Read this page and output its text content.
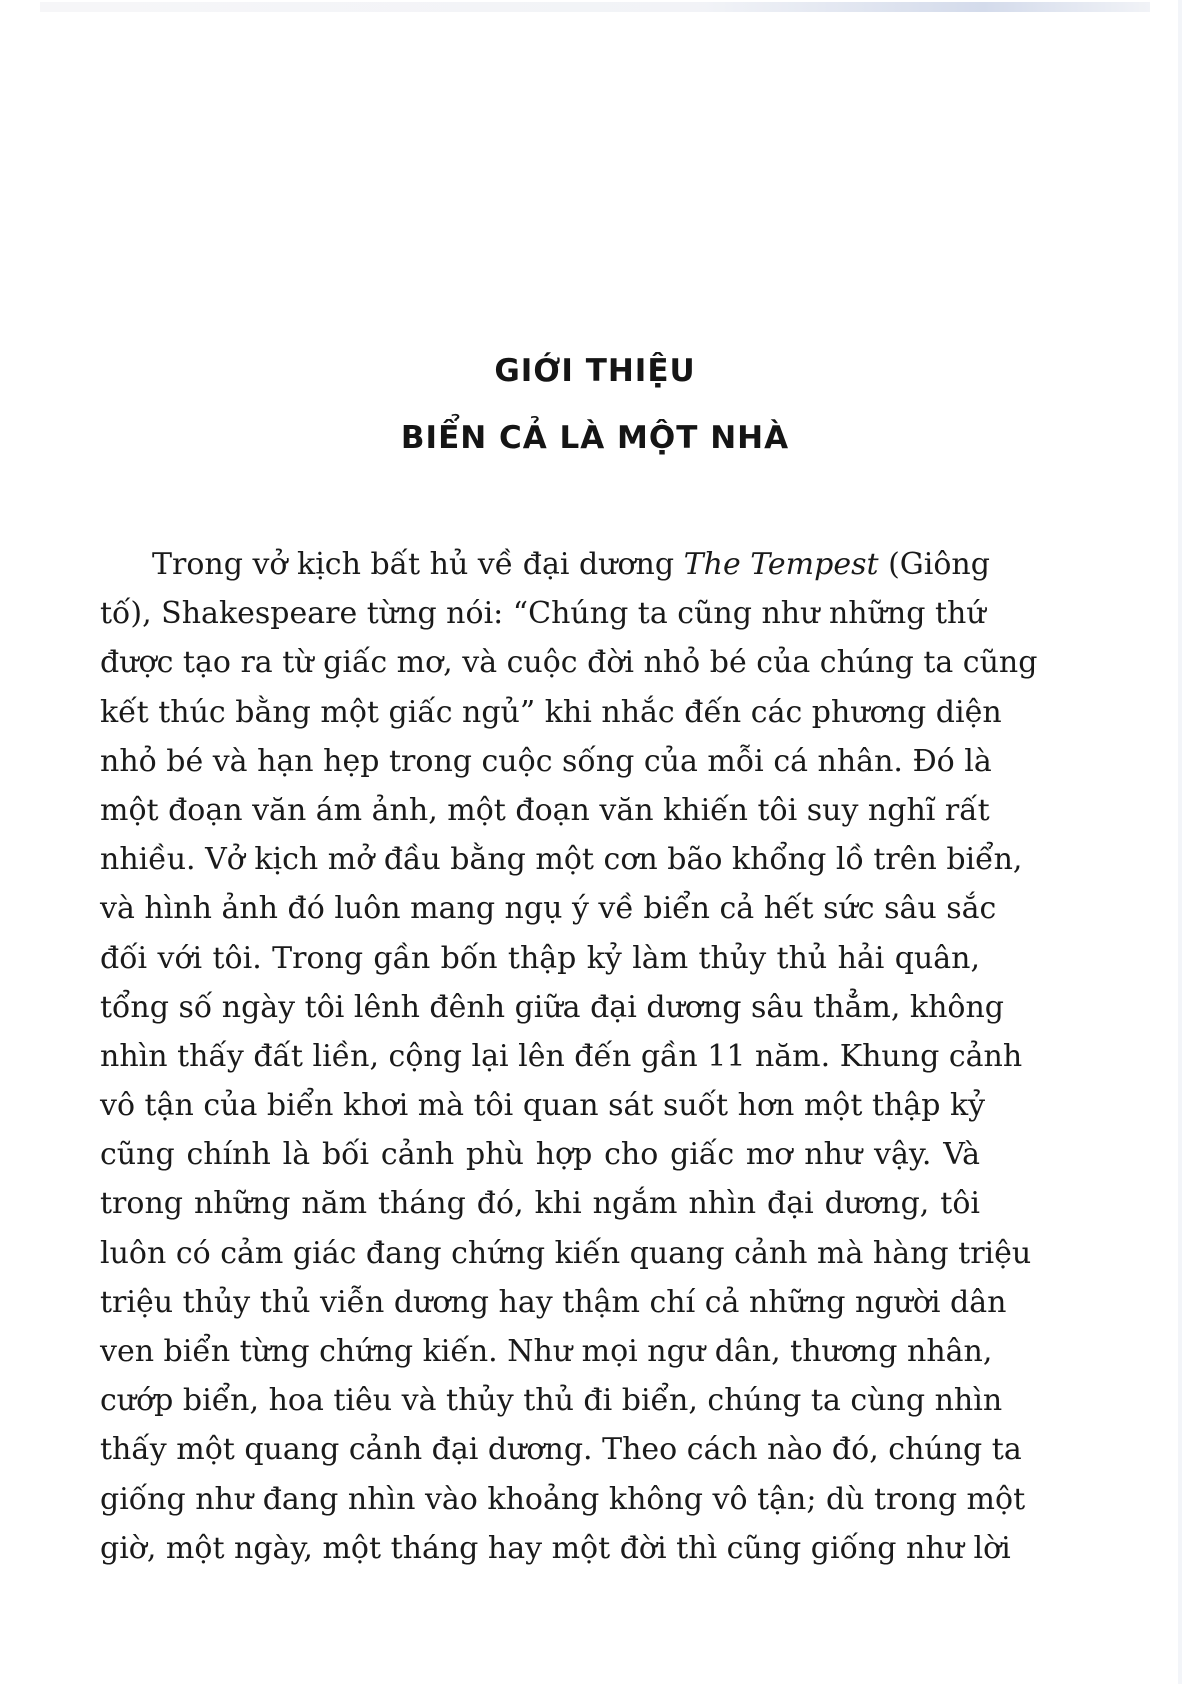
GIỚI THIỆU
BIỂN CẢ LÀ MỘT NHÀ
Trong vở kịch bất hủ về đại dương The Tempest (Giông
tố), Shakespeare từng nói: “Chúng ta cũng như những thứ
được tạo ra từ giấc mơ, và cuộc đời nhỏ bé của chúng ta cũng
kết thúc bằng một giấc ngủ” khi nhắc đến các phương diện
nhỏ bé và hạn hẹp trong cuộc sống của mỗi cá nhân. Đó là
một đoạn văn ám ảnh, một đoạn văn khiến tôi suy nghĩ rất
nhiều. Vở kịch mở đầu bằng một cơn bão khổng lồ trên biển,
và hình ảnh đó luôn mang ngụ ý về biển cả hết sức sâu sắc
đối với tôi. Trong gần bốn thập kỷ làm thủy thủ hải quân,
tổng số ngày tôi lênh đênh giữa đại dương sâu thẳm, không
nhìn thấy đất liền, cộng lại lên đến gần 11 năm. Khung cảnh
vô tận của biển khơi mà tôi quan sát suốt hơn một thập kỷ
cũng chính là bối cảnh phù hợp cho giấc mơ như vậy. Và
trong những năm tháng đó, khi ngắm nhìn đại dương, tôi
luôn có cảm giác đang chứng kiến quang cảnh mà hàng triệu
triệu thủy thủ viễn dương hay thậm chí cả những người dân
ven biển từng chứng kiến. Như mọi ngư dân, thương nhân,
cướp biển, hoa tiêu và thủy thủ đi biển, chúng ta cùng nhìn
thấy một quang cảnh đại dương. Theo cách nào đó, chúng ta
giống như đang nhìn vào khoảng không vô tận; dù trong một
giờ, một ngày, một tháng hay một đời thì cũng giống như lời
